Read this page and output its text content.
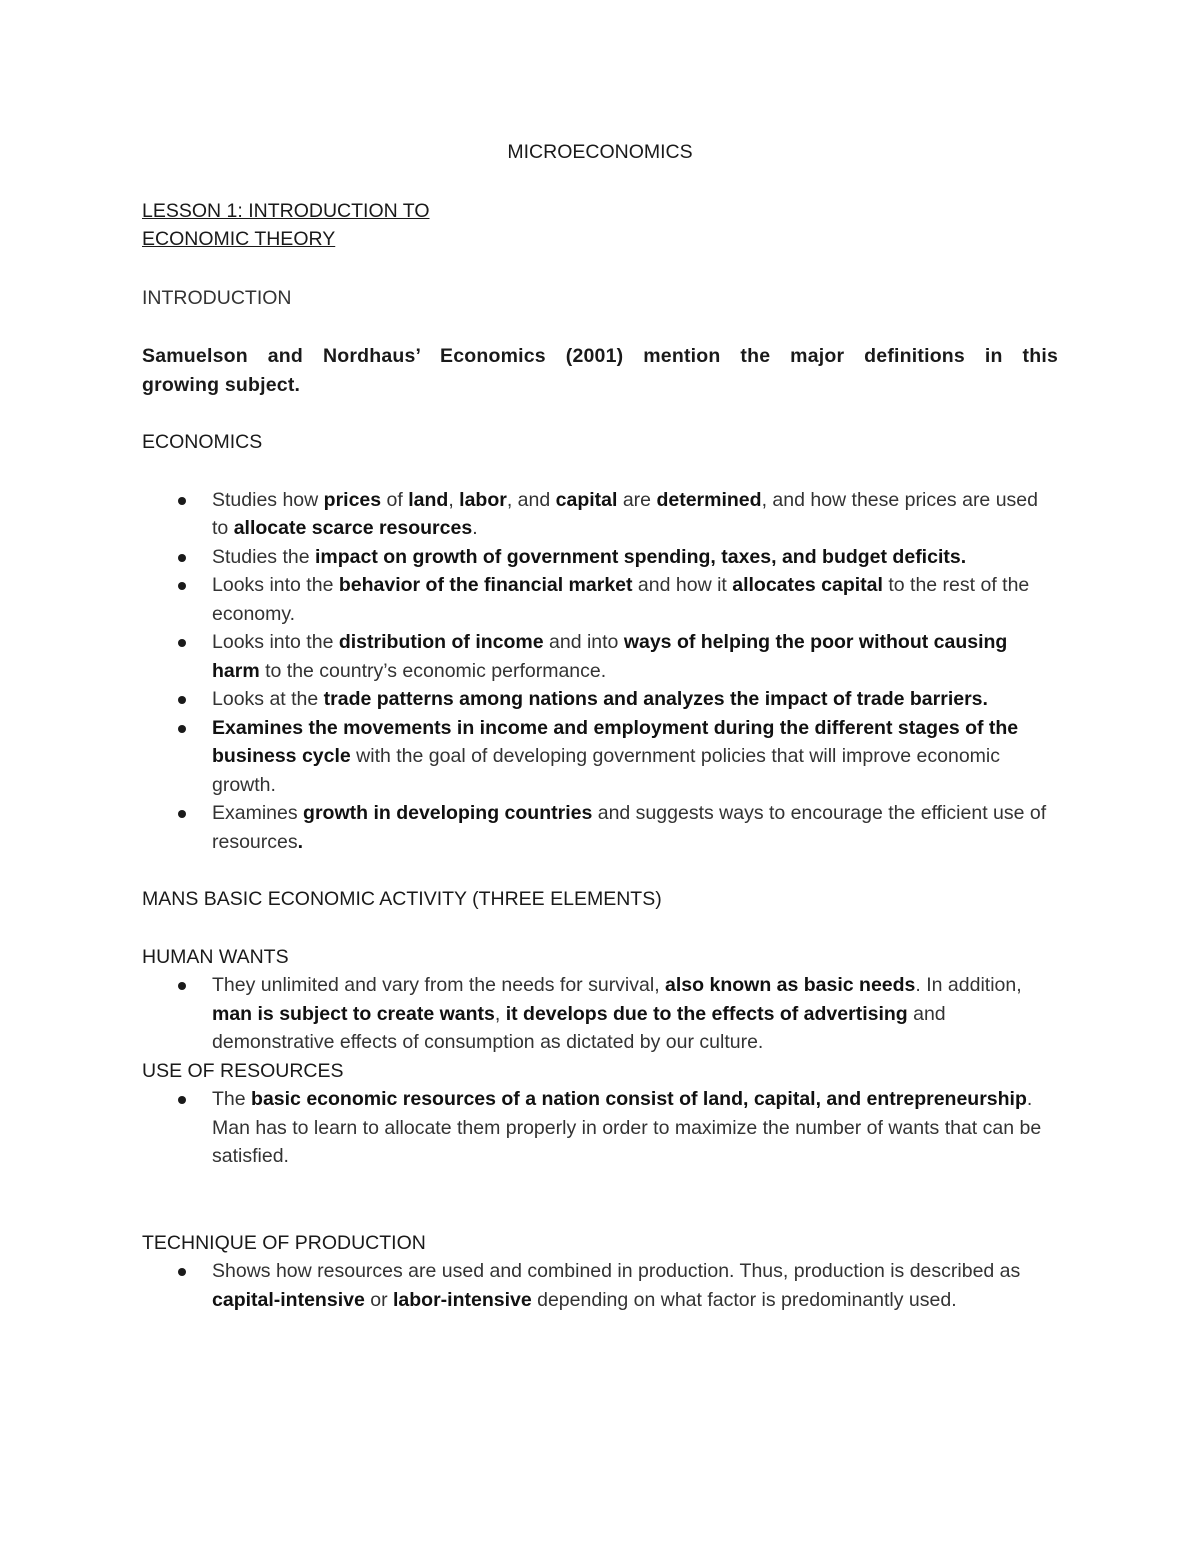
MICROECONOMICS
LESSON 1: INTRODUCTION TO
ECONOMIC THEORY
INTRODUCTION
Samuelson and Nordhaus’ Economics (2001) mention the major definitions in this
growing subject.
ECONOMICS
Studies how prices of land, labor, and capital are determined, and how these prices are used to allocate scarce resources.
Studies the impact on growth of government spending, taxes, and budget deficits.
Looks into the behavior of the financial market and how it allocates capital to the rest of the economy.
Looks into the distribution of income and into ways of helping the poor without causing harm to the country’s economic performance.
Looks at the trade patterns among nations and analyzes the impact of trade barriers.
Examines the movements in income and employment during the different stages of the business cycle with the goal of developing government policies that will improve economic growth.
Examines growth in developing countries and suggests ways to encourage the efficient use of resources.
MANS BASIC ECONOMIC ACTIVITY (THREE ELEMENTS)
HUMAN WANTS
They unlimited and vary from the needs for survival, also known as basic needs. In addition, man is subject to create wants, it develops due to the effects of advertising and demonstrative effects of consumption as dictated by our culture.
USE OF RESOURCES
The basic economic resources of a nation consist of land, capital, and entrepreneurship. Man has to learn to allocate them properly in order to maximize the number of wants that can be satisfied.
TECHNIQUE OF PRODUCTION
Shows how resources are used and combined in production. Thus, production is described as capital-intensive or labor-intensive depending on what factor is predominantly used.
